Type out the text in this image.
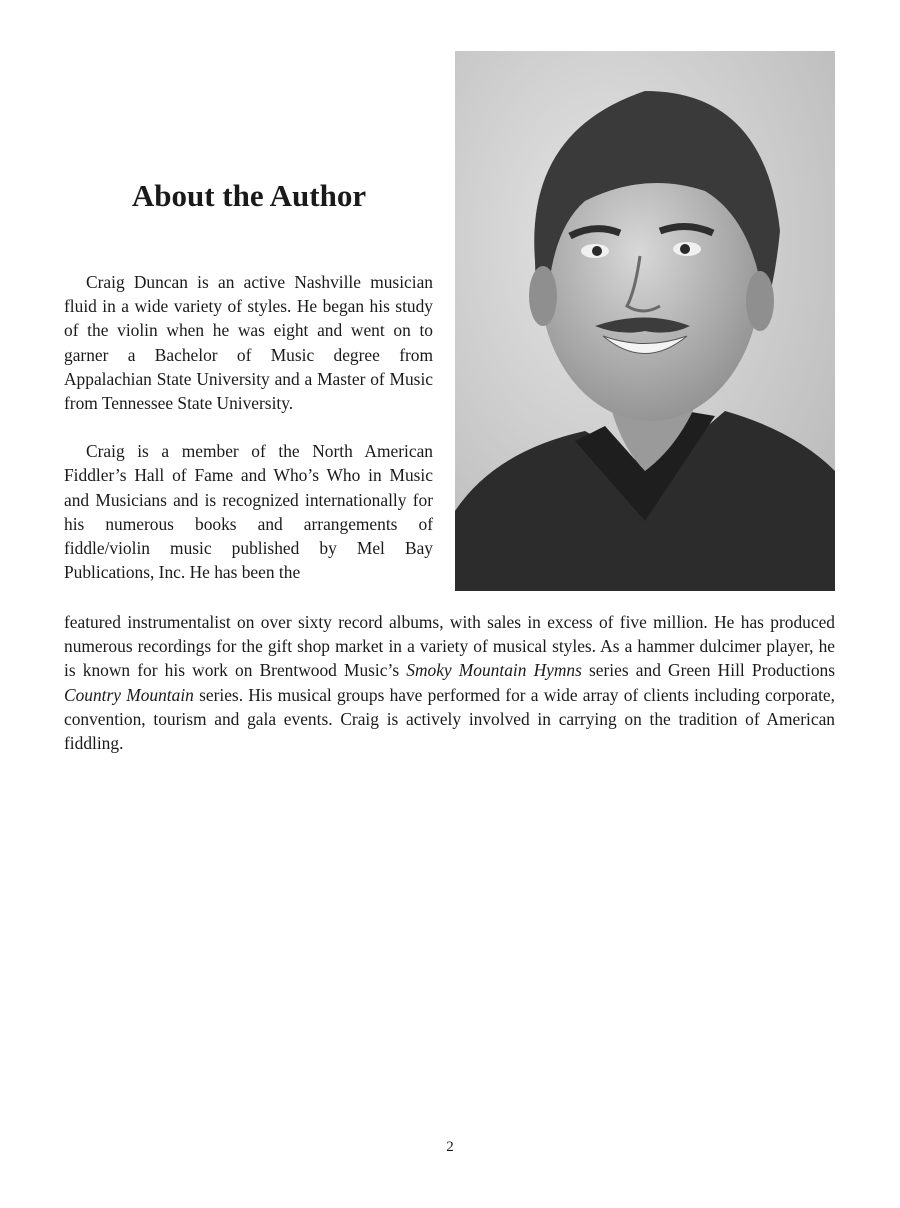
About the Author

Craig Duncan is an active Nashville musician fluid in a wide variety of styles. He began his study of the violin when he was eight and went on to garner a Bachelor of Music degree from Appalachian State University and a Master of Music from Tennessee State University.

Craig is a member of the North American Fiddler’s Hall of Fame and Who’s Who in Music and Musicians and is recognized internationally for his numerous books and arrangements of fiddle/violin music published by Mel Bay Publications, Inc. He has been the

featured instrumentalist on over sixty record albums, with sales in excess of five million. He has produced numerous recordings for the gift shop market in a variety of musical styles. As a hammer dulcimer player, he is known for his work on Brentwood Music’s Smoky Mountain Hymns series and Green Hill Productions Country Mountain series. His musical groups have performed for a wide array of clients including corporate, convention, tourism and gala events. Craig is actively involved in carrying on the tradition of American fiddling.

2
